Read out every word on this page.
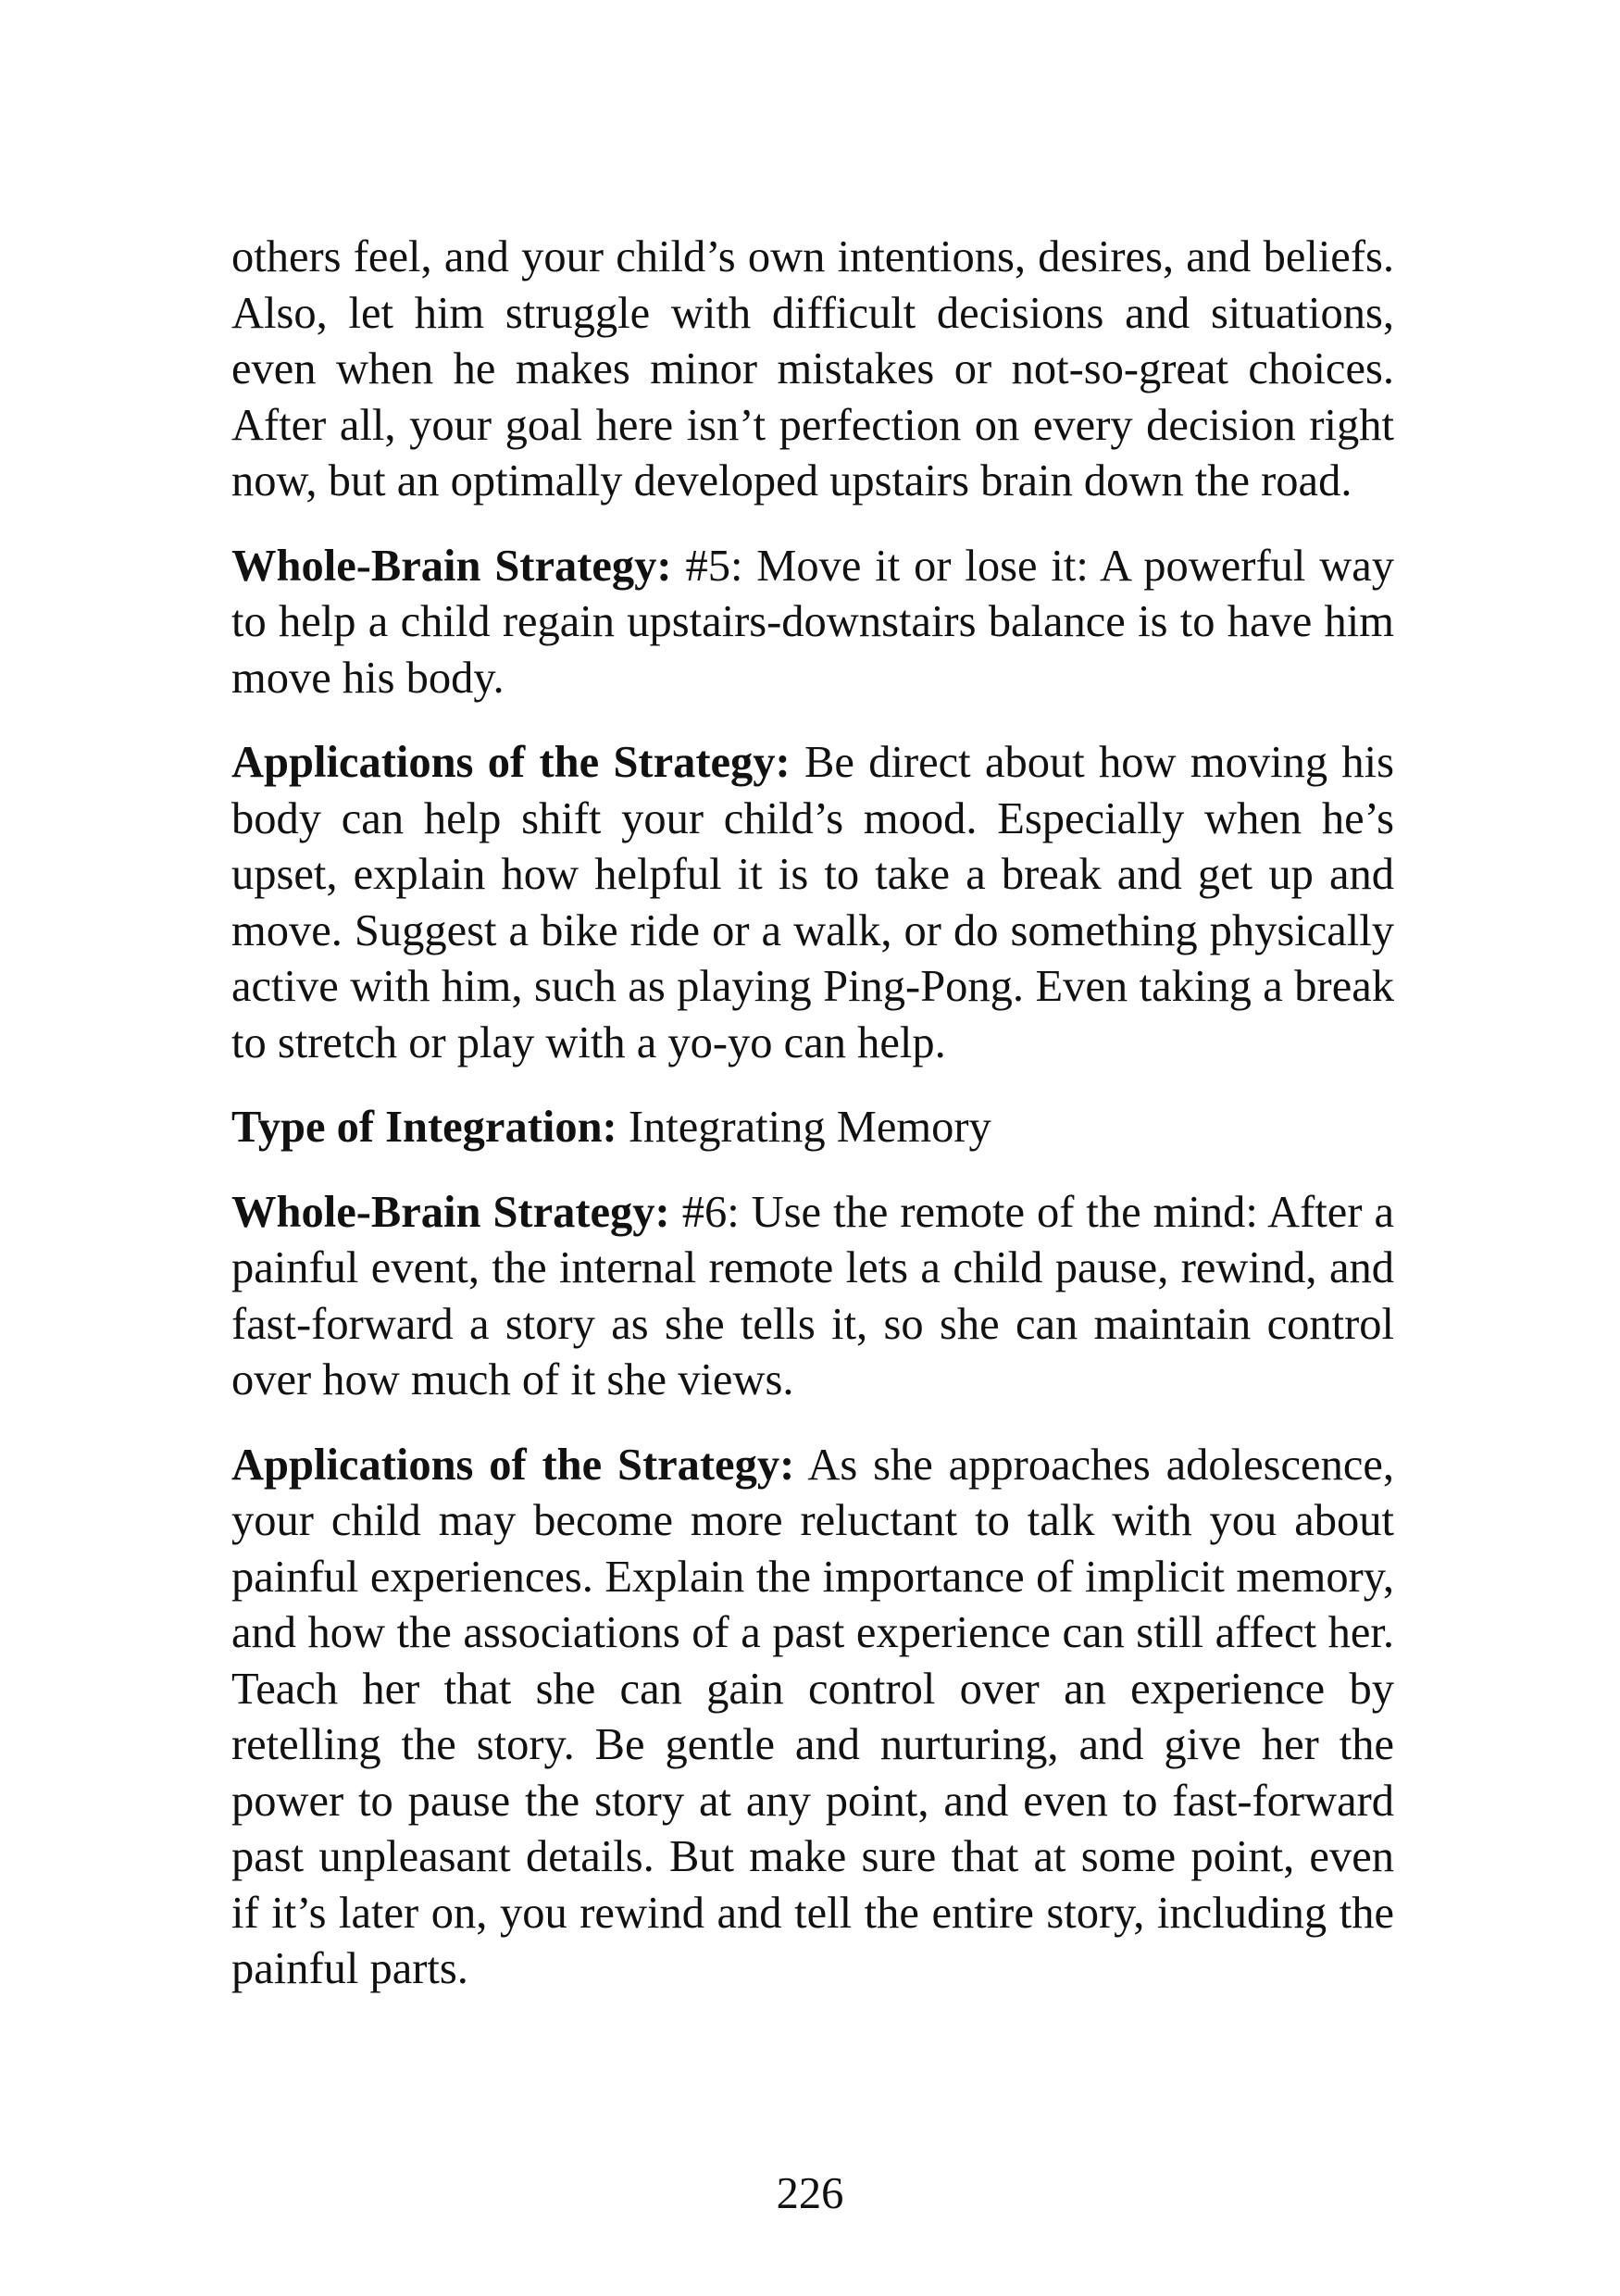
others feel, and your child’s own intentions, desires, and beliefs. Also, let him struggle with difficult decisions and situations, even when he makes minor mistakes or not-so-great choices. After all, your goal here isn’t perfection on every decision right now, but an optimally developed upstairs brain down the road.

Whole-Brain Strategy: #5: Move it or lose it: A powerful way to help a child regain upstairs-downstairs balance is to have him move his body.

Applications of the Strategy: Be direct about how moving his body can help shift your child’s mood. Especially when he’s upset, explain how helpful it is to take a break and get up and move. Suggest a bike ride or a walk, or do something physically active with him, such as playing Ping-Pong. Even taking a break to stretch or play with a yo-yo can help.

Type of Integration: Integrating Memory

Whole-Brain Strategy: #6: Use the remote of the mind: After a painful event, the internal remote lets a child pause, rewind, and fast-forward a story as she tells it, so she can maintain control over how much of it she views.

Applications of the Strategy: As she approaches adolescence, your child may become more reluctant to talk with you about painful experiences. Explain the importance of implicit memory, and how the associations of a past experience can still affect her. Teach her that she can gain control over an experience by retelling the story. Be gentle and nurturing, and give her the power to pause the story at any point, and even to fast-forward past unpleasant details. But make sure that at some point, even if it’s later on, you rewind and tell the entire story, including the painful parts.

226
